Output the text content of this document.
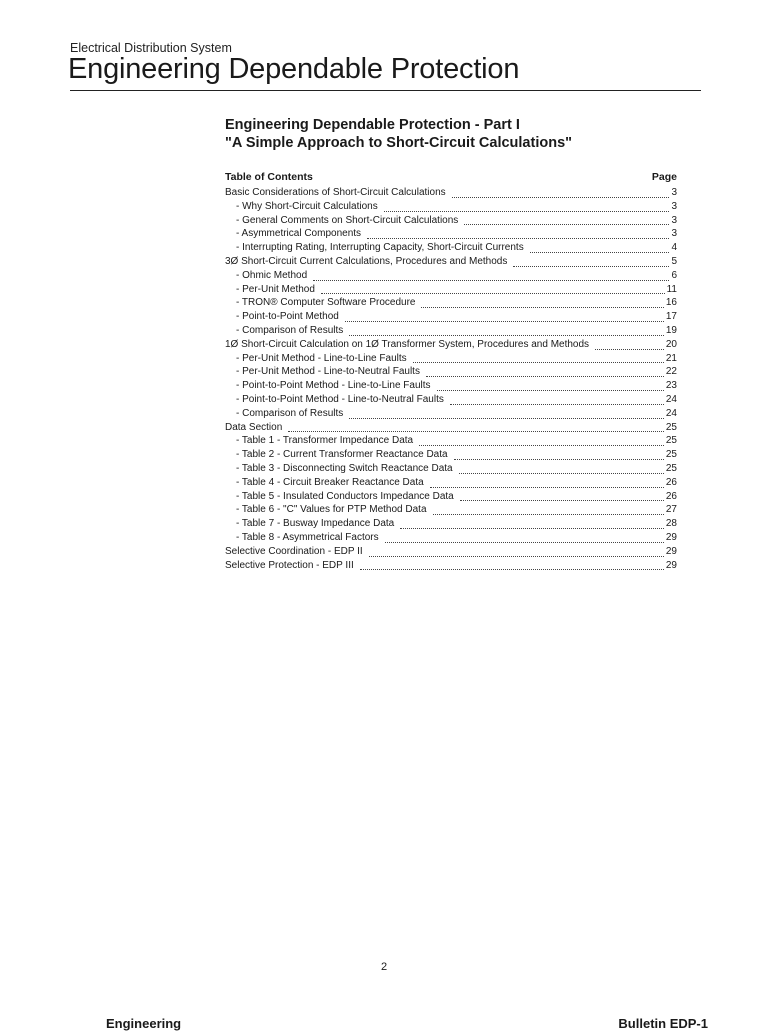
Electrical Distribution System
Engineering Dependable Protection
Engineering Dependable Protection - Part I
"A Simple Approach to Short-Circuit Calculations"
Table of Contents	Page
Basic Considerations of Short-Circuit Calculations	3
- Why Short-Circuit Calculations	3
- General Comments on Short-Circuit Calculations	3
- Asymmetrical Components	3
- Interrupting Rating, Interrupting Capacity, Short-Circuit Currents	4
3Ø Short-Circuit Current Calculations, Procedures and Methods	5
- Ohmic Method	6
- Per-Unit Method	11
- TRON® Computer Software Procedure	16
- Point-to-Point Method	17
- Comparison of Results	19
1Ø Short-Circuit Calculation on 1Ø Transformer System, Procedures and Methods	20
- Per-Unit Method - Line-to-Line Faults	21
- Per-Unit Method - Line-to-Neutral Faults	22
- Point-to-Point Method - Line-to-Line Faults	23
- Point-to-Point Method - Line-to-Neutral Faults	24
- Comparison of Results	24
Data Section	25
- Table 1 - Transformer Impedance Data	25
- Table 2 - Current Transformer Reactance Data	25
- Table 3 - Disconnecting Switch Reactance Data	25
- Table 4 - Circuit Breaker Reactance Data	26
- Table 5 - Insulated Conductors Impedance Data	26
- Table 6 - "C" Values for PTP Method Data	27
- Table 7 - Busway Impedance Data	28
- Table 8 - Asymmetrical Factors	29
Selective Coordination - EDP II	29
Selective Protection - EDP III	29
2
Engineering	Bulletin EDP-1
